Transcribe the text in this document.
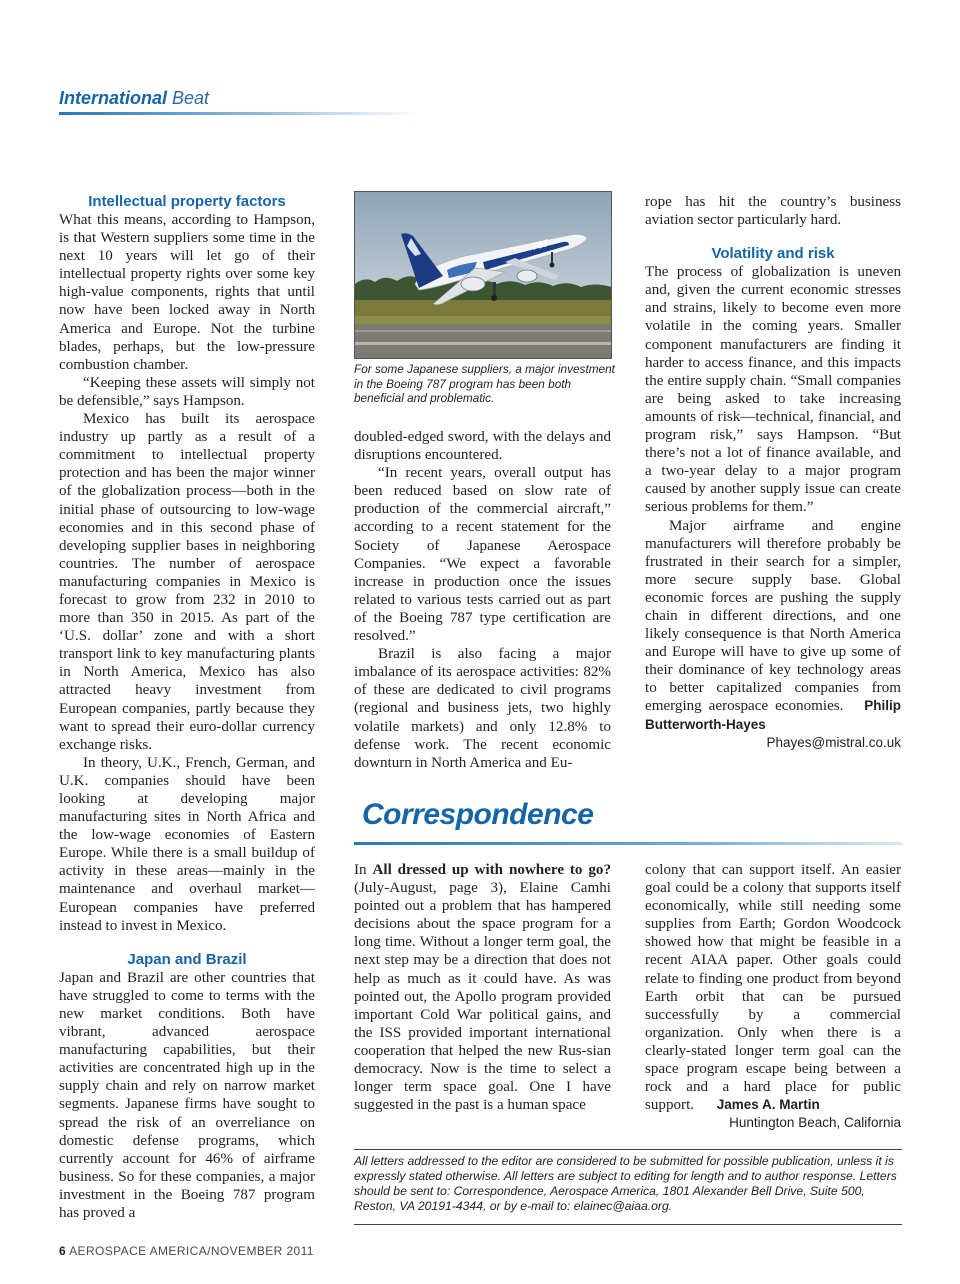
International Beat

Intellectual property factors

What this means, according to Hampson, is that Western suppliers some time in the next 10 years will let go of their intellectual property rights over some key high-value components, rights that until now have been locked away in North America and Europe. Not the turbine blades, perhaps, but the low-pressure combustion chamber.

“Keeping these assets will simply not be defensible,” says Hampson.

Mexico has built its aerospace industry up partly as a result of a commitment to intellectual property protection and has been the major winner of the globalization process—both in the initial phase of outsourcing to low-wage economies and in this second phase of developing supplier bases in neighboring countries. The number of aerospace manufacturing companies in Mexico is forecast to grow from 232 in 2010 to more than 350 in 2015. As part of the ‘U.S. dollar’ zone and with a short transport link to key manufacturing plants in North America, Mexico has also attracted heavy investment from European companies, partly because they want to spread their euro-dollar currency exchange risks.

In theory, U.K., French, German, and U.K. companies should have been looking at developing major manufacturing sites in North Africa and the low-wage economies of Eastern Europe. While there is a small buildup of activity in these areas—mainly in the maintenance and overhaul market—European companies have preferred instead to invest in Mexico.

Japan and Brazil

Japan and Brazil are other countries that have struggled to come to terms with the new market conditions. Both have vibrant, advanced aerospace manufacturing capabilities, but their activities are concentrated high up in the supply chain and rely on narrow market segments. Japanese firms have sought to spread the risk of an overreliance on domestic defense programs, which currently account for 46% of airframe business. So for these companies, a major investment in the Boeing 787 program has proved a

787
For some Japanese suppliers, a major investment in the Boeing 787 program has been both beneficial and problematic.

doubled-edged sword, with the delays and disruptions encountered.

“In recent years, overall output has been reduced based on slow rate of production of the commercial aircraft,” according to a recent statement for the Society of Japanese Aerospace Companies. “We expect a favorable increase in production once the issues related to various tests carried out as part of the Boeing 787 type certification are resolved.”

Brazil is also facing a major imbalance of its aerospace activities: 82% of these are dedicated to civil programs (regional and business jets, two highly volatile markets) and only 12.8% to defense work. The recent economic downturn in North America and Eu-

rope has hit the country’s business aviation sector particularly hard.

Volatility and risk

The process of globalization is uneven and, given the current economic stresses and strains, likely to become even more volatile in the coming years. Smaller component manufacturers are finding it harder to access finance, and this impacts the entire supply chain. “Small companies are being asked to take increasing amounts of risk—technical, financial, and program risk,” says Hampson. “But there’s not a lot of finance available, and a two-year delay to a major program caused by another supply issue can create serious problems for them.”

Major airframe and engine manufacturers will therefore probably be frustrated in their search for a simpler, more secure supply base. Global economic forces are pushing the supply chain in different directions, and one likely consequence is that North America and Europe will have to give up some of their dominance of key technology areas to better capitalized companies from emerging aerospace economies. Philip Butterworth-Hayes

Phayes@mistral.co.uk

Correspondence

In All dressed up with nowhere to go? (July-August, page 3), Elaine Camhi pointed out a problem that has hampered decisions about the space program for a long time. Without a longer term goal, the next step may be a direction that does not help as much as it could have. As was pointed out, the Apollo program provided important Cold War political gains, and the ISS provided important international cooperation that helped the new Rus-sian democracy. Now is the time to select a longer term space goal. One I have suggested in the past is a human space

colony that can support itself. An easier goal could be a colony that supports itself economically, while still needing some supplies from Earth; Gordon Woodcock showed how that might be feasible in a recent AIAA paper. Other goals could relate to finding one product from beyond Earth orbit that can be pursued successfully by a commercial organization. Only when there is a clearly-stated longer term goal can the space program escape being between a rock and a hard place for public support. James A. Martin

Huntington Beach, California

All letters addressed to the editor are considered to be submitted for possible publication, unless it is expressly stated otherwise. All letters are subject to editing for length and to author response. Letters should be sent to: Correspondence, Aerospace America, 1801 Alexander Bell Drive, Suite 500, Reston, VA 20191-4344, or by e-mail to: elainec@aiaa.org.
6 AEROSPACE AMERICA/NOVEMBER 2011
